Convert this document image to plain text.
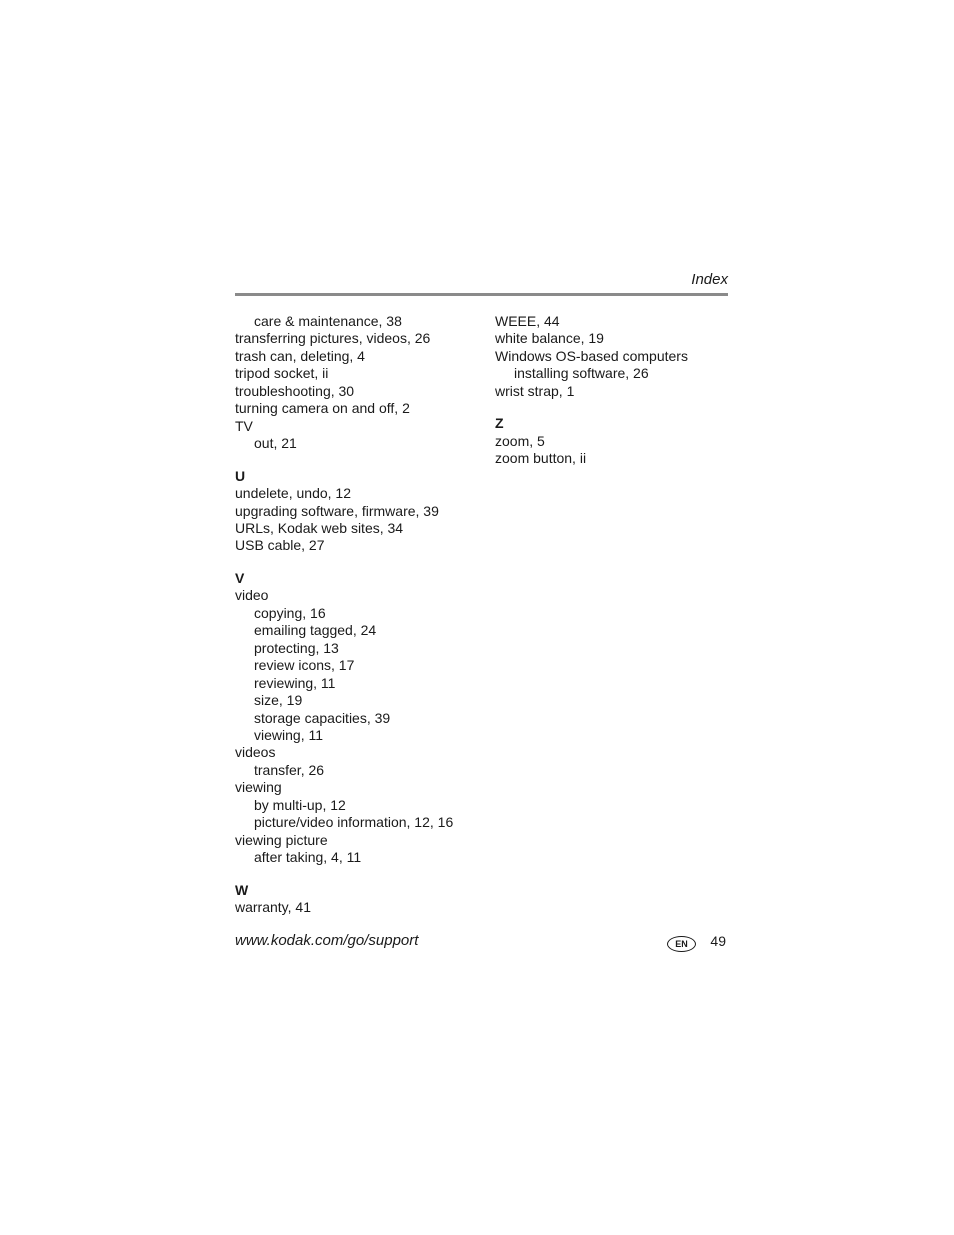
Index
care & maintenance, 38
transferring pictures, videos, 26
trash can, deleting, 4
tripod socket, ii
troubleshooting, 30
turning camera on and off, 2
TV
out, 21
U
undelete, undo, 12
upgrading software, firmware, 39
URLs, Kodak web sites, 34
USB cable, 27
V
video
copying, 16
emailing tagged, 24
protecting, 13
review icons, 17
reviewing, 11
size, 19
storage capacities, 39
viewing, 11
videos
transfer, 26
viewing
by multi-up, 12
picture/video information, 12, 16
viewing picture
after taking, 4, 11
W
warranty, 41
WEEE, 44
white balance, 19
Windows OS-based computers
installing software, 26
wrist strap, 1
Z
zoom, 5
zoom button, ii
www.kodak.com/go/support	EN	49
